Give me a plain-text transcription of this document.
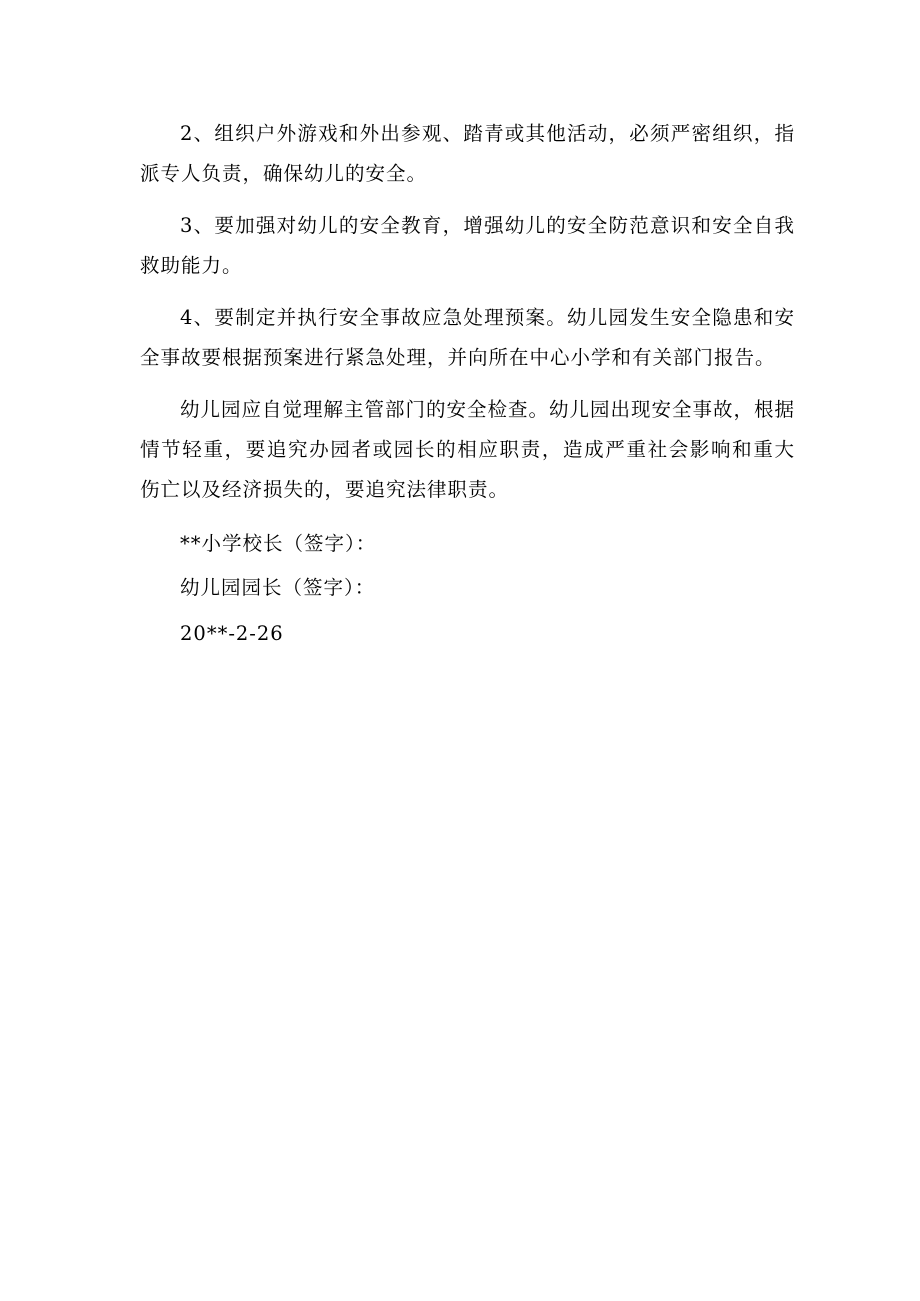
2、组织户外游戏和外出参观、踏青或其他活动，必须严密组织，指派专人负责，确保幼儿的安全。

3、要加强对幼儿的安全教育，增强幼儿的安全防范意识和安全自我救助能力。

4、要制定并执行安全事故应急处理预案。幼儿园发生安全隐患和安全事故要根据预案进行紧急处理，并向所在中心小学和有关部门报告。

幼儿园应自觉理解主管部门的安全检查。幼儿园出现安全事故，根据情节轻重，要追究办园者或园长的相应职责，造成严重社会影响和重大伤亡以及经济损失的，要追究法律职责。

**小学校长（签字）：

幼儿园园长（签字）：

20**-2-26
